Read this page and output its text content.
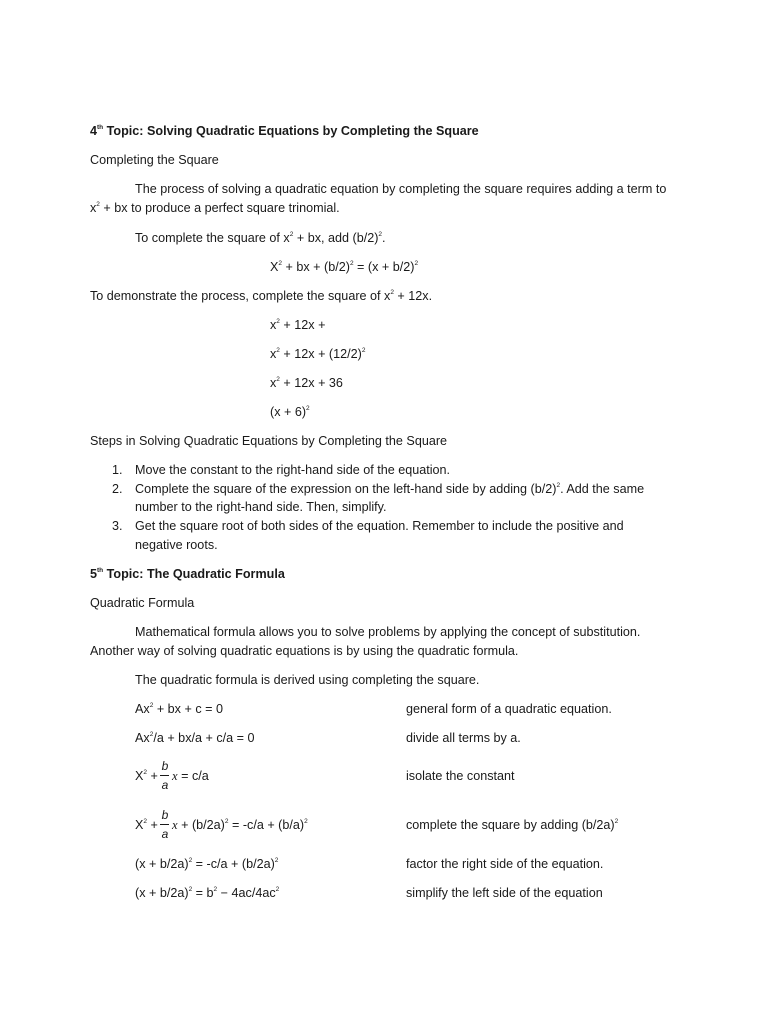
4th Topic: Solving Quadratic Equations by Completing the Square
Completing the Square
The process of solving a quadratic equation by completing the square requires adding a term to
$x^2$ + bx to produce a perfect square trinomial.
To complete the square of $x^2$ + bx, add $(b/2)^2$.
$X^2$ + bx + $(b/2)^2 = (x + b/2)^2$
To demonstrate the process, complete the square of $x^2 + 12x$.
$x^2 + 12x$ +
$x^2 + 12x + (12/2)^2$
$x^2 + 12x + 36$
$(x + 6)^2$
Steps in Solving Quadratic Equations by Completing the Square
1. Move the constant to the right-hand side of the equation.
2. Complete the square of the expression on the left-hand side by adding $(b/2)^2$. Add the same
number to the right-hand side. Then, simplify.
3. Get the square root of both sides of the equation. Remember to include the positive and
negative roots.
5th Topic: The Quadratic Formula
Quadratic Formula
Mathematical formula allows you to solve problems by applying the concept of substitution.
Another way of solving quadratic equations is by using the quadratic formula.
The quadratic formula is derived using completing the square.
$Ax^2$ + bx + c = 0	general form of a quadratic equation.
$Ax^2/a + bx/a + c/a = 0$	divide all terms by a.
$X^2$ +
b
a
x = c/a	isolate the constant
$X^2$ +
b
a
$x + (b/2a)^2 = -c/a + (b/a)^2$	complete the square by adding $(b/2a)^2$
$(x + b/2a)^2 = -c/a + (b/2a)^2$	factor the right side of the equation.
$(x + b/2a)^2 = b^2 - 4ac/4ac^2$	simplify the left side of the equation
